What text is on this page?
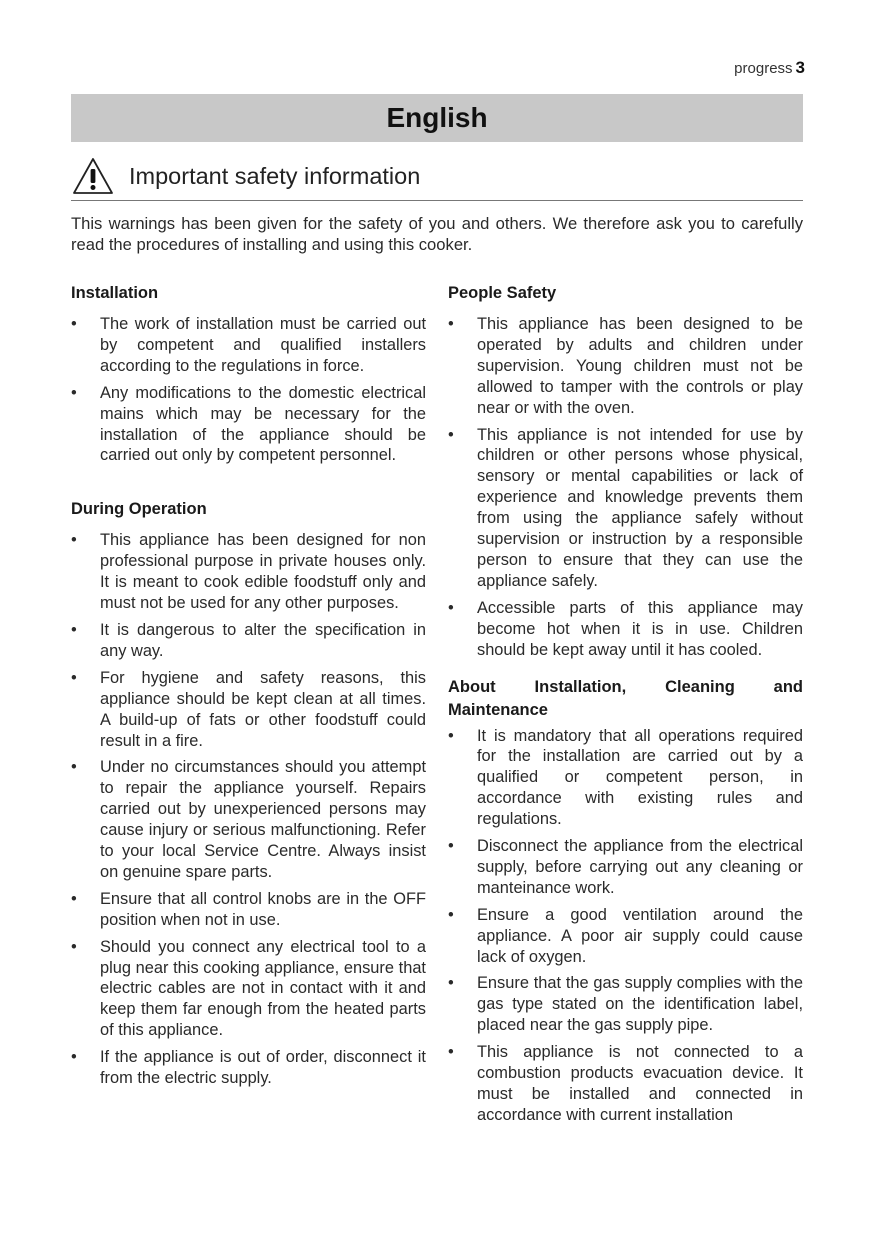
progress 3
English
Important safety information
This warnings has been given for the safety of you and others. We therefore ask you to carefully read the procedures of installing and using this cooker.
Installation
• The work of installation must be carried out by competent and qualified installers according to the regulations in force.
• Any modifications to the domestic electrical mains which may be necessary for the installation of the appliance should be carried out only by competent personnel.
During Operation
• This appliance has been designed for non professional purpose in private houses only. It is meant to cook edible foodstuff only and must not be used for any other purposes.
• It is dangerous to alter the specification in any way.
• For hygiene and safety reasons, this appliance should be kept clean at all times. A build-up of fats or other foodstuff could result in a fire.
• Under no circumstances should you attempt to repair the appliance yourself. Repairs carried out by unexperienced persons may cause injury or serious malfunctioning. Refer to your local Service Centre. Always insist on genuine spare parts.
• Ensure that all control knobs are in the OFF position when not in use.
• Should you connect any electrical tool to a plug near this cooking appliance, ensure that electric cables are not in contact with it and keep them far enough from the heated parts of this appliance.
• If the appliance is out of order, disconnect it from the electric supply.
People Safety
• This appliance has been designed to be operated by adults and children under supervision. Young children must not be allowed to tamper with the controls or play near or with the oven.
• This appliance is not intended for use by children or other persons whose physical, sensory or mental capabilities or lack of experience and knowledge prevents them from using the appliance safely without supervision or instruction by a responsible person to ensure that they can use the appliance safely.
• Accessible parts of this appliance may become hot when it is in use. Children should be kept away until it has cooled.
About Installation, Cleaning and Maintenance
• It is mandatory that all operations required for the installation are carried out by a qualified or competent person, in accordance with existing rules and regulations.
• Disconnect the appliance from the electrical supply, before carrying out any cleaning or manteinance work.
• Ensure a good ventilation around the appliance. A poor air supply could cause lack of oxygen.
• Ensure that the gas supply complies with the gas type stated on the identification label, placed near the gas supply pipe.
• This appliance is not connected to a combustion products evacuation device. It must be installed and connected in accordance with current installation
